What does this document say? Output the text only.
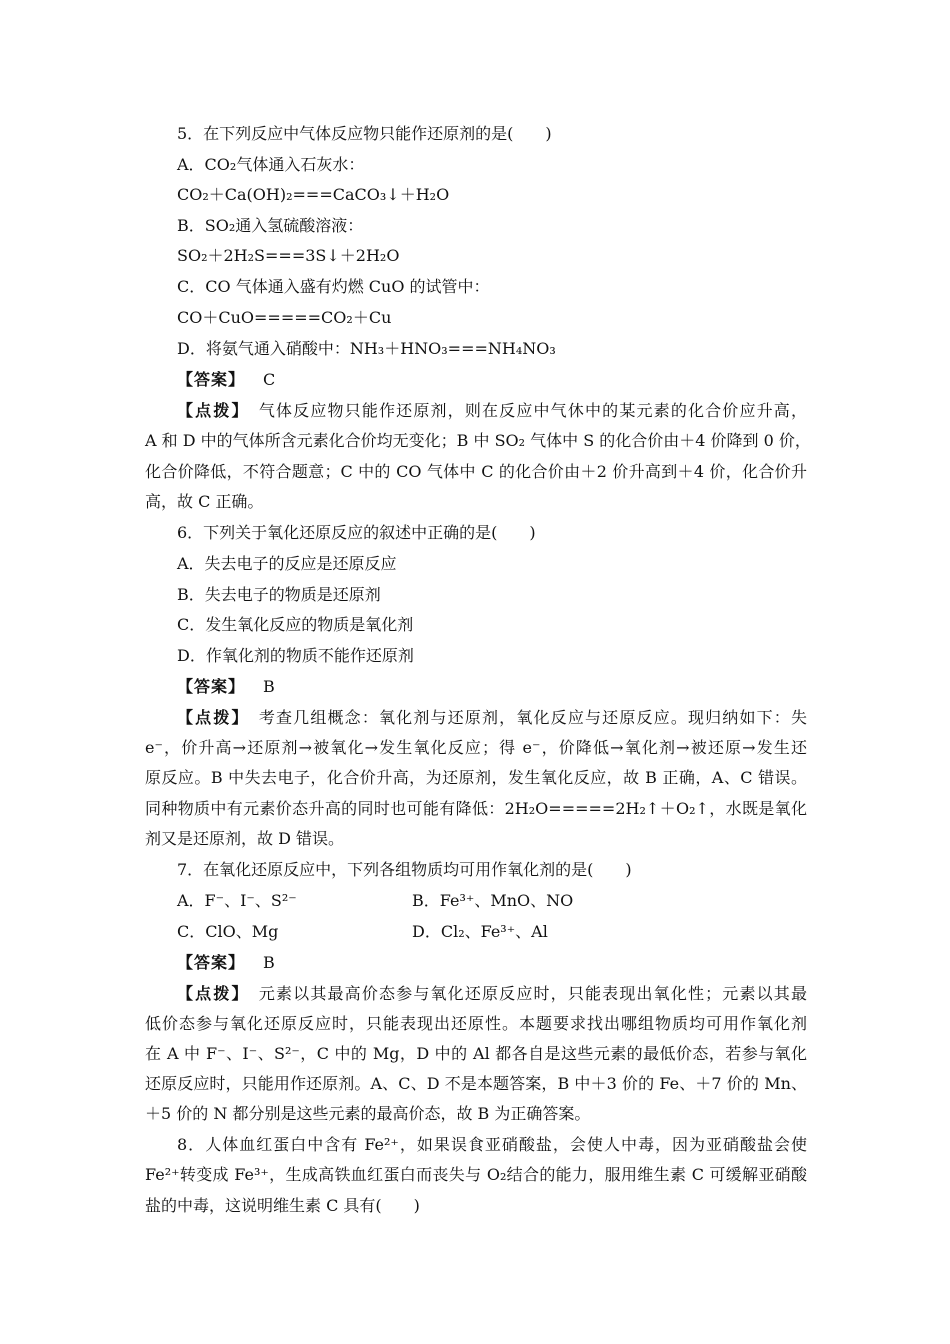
5．在下列反应中气体反应物只能作还原剂的是(　　)
A．CO₂气体通入石灰水：
CO₂＋Ca(OH)₂===CaCO₃↓＋H₂O
B．SO₂通入氢硫酸溶液：
SO₂＋2H₂S===3S↓＋2H₂O
C．CO 气体通入盛有灼燃 CuO 的试管中：
CO＋CuO=====CO₂＋Cu
D．将氨气通入硝酸中：NH₃＋HNO₃===NH₄NO₃
【答案】 C
【点拨】　 气体反应物只能作还原剂，则在反应中气休中的某元素的化合价应升高，
A 和 D 中的气体所含元素化合价均无变化；B 中 SO₂ 气体中 S 的化合价由＋4 价降到 0 价，
化合价降低，不符合题意；C 中的 CO 气体中 C 的化合价由＋2 价升高到＋4 价，化合价升
高，故 C 正确。
6．下列关于氧化还原反应的叙述中正确的是(　　)
A．失去电子的反应是还原反应
B．失去电子的物质是还原剂
C．发生氧化反应的物质是氧化剂
D．作氧化剂的物质不能作还原剂
【答案】 B
【点拨】　 考查几组概念：氧化剂与还原剂，氧化反应与还原反应。现归纳如下：失
e⁻，价升高→还原剂→被氧化→发生氧化反应；得 e⁻，价降低→氧化剂→被还原→发生还
原反应。B 中失去电子，化合价升高，为还原剂，发生氧化反应，故 B 正确，A、C 错误。
同种物质中有元素价态升高的同时也可能有降低：2H₂O=====2H₂↑＋O₂↑，水既是氧化
剂又是还原剂，故 D 错误。
7．在氧化还原反应中，下列各组物质均可用作氧化剂的是(　　)
A．F⁻、I⁻、S²⁻	B．Fe³⁺、MnO、NO
C．ClO、Mg	D．Cl₂、Fe³⁺、Al
【答案】 B
【点拨】　 元素以其最高价态参与氧化还原反应时，只能表现出氧化性；元素以其最
低价态参与氧化还原反应时，只能表现出还原性。本题要求找出哪组物质均可用作氧化剂
在 A 中 F⁻、I⁻、S²⁻，C 中的 Mg，D 中的 Al 都各自是这些元素的最低价态，若参与氧化
还原反应时，只能用作还原剂。A、C、D 不是本题答案，B 中＋3 价的 Fe、＋7 价的 Mn、
＋5 价的 N 都分别是这些元素的最高价态，故 B 为正确答案。
8．人体血红蛋白中含有 Fe²⁺，如果误食亚硝酸盐，会使人中毒，因为亚硝酸盐会使
Fe²⁺转变成 Fe³⁺，生成高铁血红蛋白而丧失与 O₂结合的能力，服用维生素 C 可缓解亚硝酸
盐的中毒，这说明维生素 C 具有(　　)
